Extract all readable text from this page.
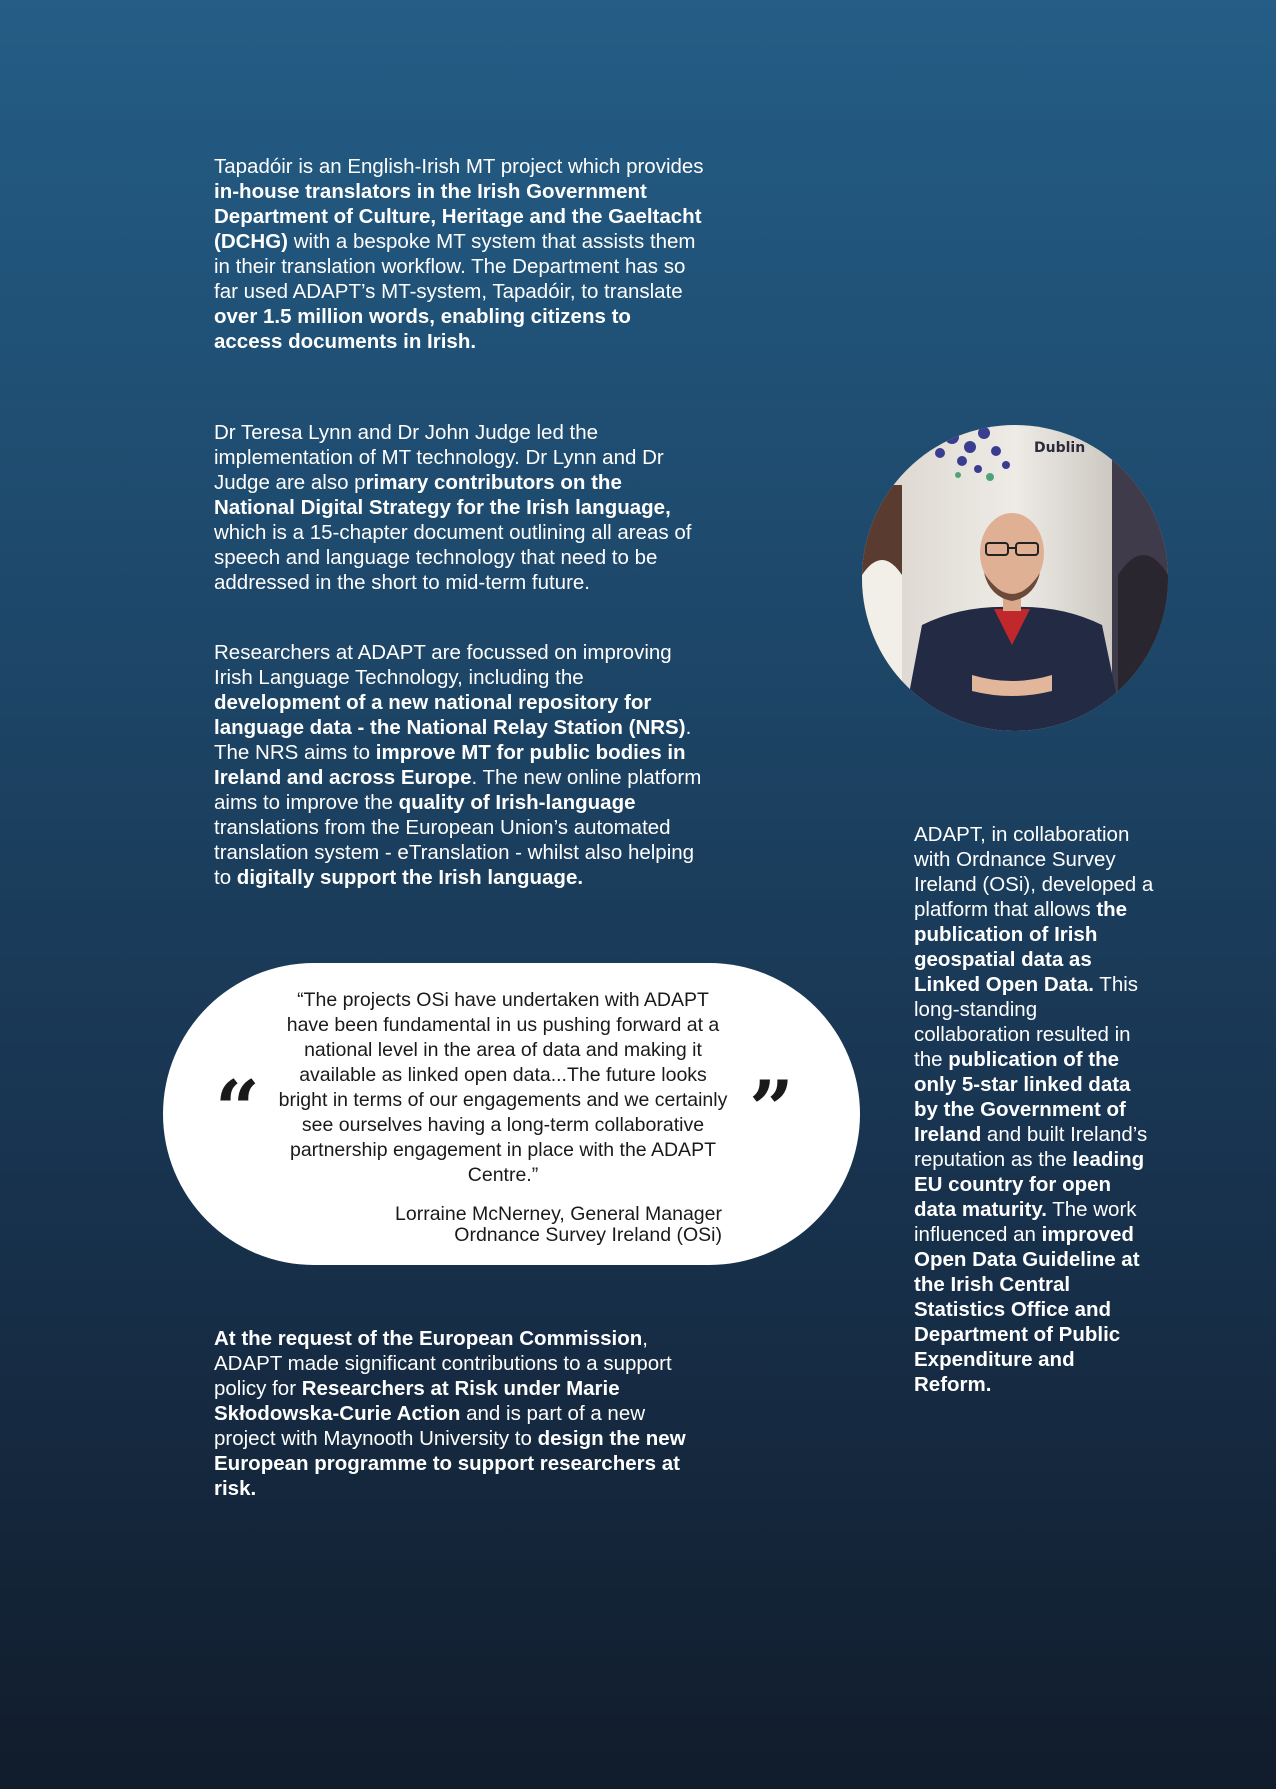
Tapadóir is an English-Irish MT project which provides in-house translators in the Irish Government Department of Culture, Heritage and the Gaeltacht (DCHG) with a bespoke MT system that assists them in their translation workflow. The Department has so far used ADAPT’s MT-system, Tapadóir, to translate over 1.5 million words, enabling citizens to access documents in Irish.

Dr Teresa Lynn and Dr John Judge led the implementation of MT technology. Dr Lynn and Dr Judge are also primary contributors on the National Digital Strategy for the Irish language, which is a 15-chapter document outlining all areas of speech and language technology that need to be addressed in the short to mid-term future.

Researchers at ADAPT are focussed on improving Irish Language Technology, including the development of a new national repository for language data - the National Relay Station (NRS). The NRS aims to improve MT for public bodies in Ireland and across Europe. The new online platform aims to improve the quality of Irish-language translations from the European Union’s automated translation system - eTranslation - whilst also helping to digitally support the Irish language.

“

“The projects OSi have undertaken with ADAPT have been fundamental in us pushing forward at a national level in the area of data and making it available as linked open data...The future looks bright in terms of our engagements and we certainly see ourselves having a long-term collaborative partnership engagement in place with the ADAPT Centre.”

”
Lorraine McNerney, General Manager
Ordnance Survey Ireland (OSi)

At the request of the European Commission, ADAPT made significant contributions to a support policy for Researchers at Risk under Marie Skłodowska-Curie Action and is part of a new project with Maynooth University to design the new European programme to support researchers at risk.

Dublin

ADAPT, in collaboration with Ordnance Survey Ireland (OSi), developed a platform that allows the publication of Irish geospatial data as Linked Open Data. This long-standing collaboration resulted in the publication of the only 5-star linked data by the Government of Ireland and built Ireland’s reputation as the leading EU country for open data maturity. The work influenced an improved Open Data Guideline at the Irish Central Statistics Office and Department of Public Expenditure and Reform.
